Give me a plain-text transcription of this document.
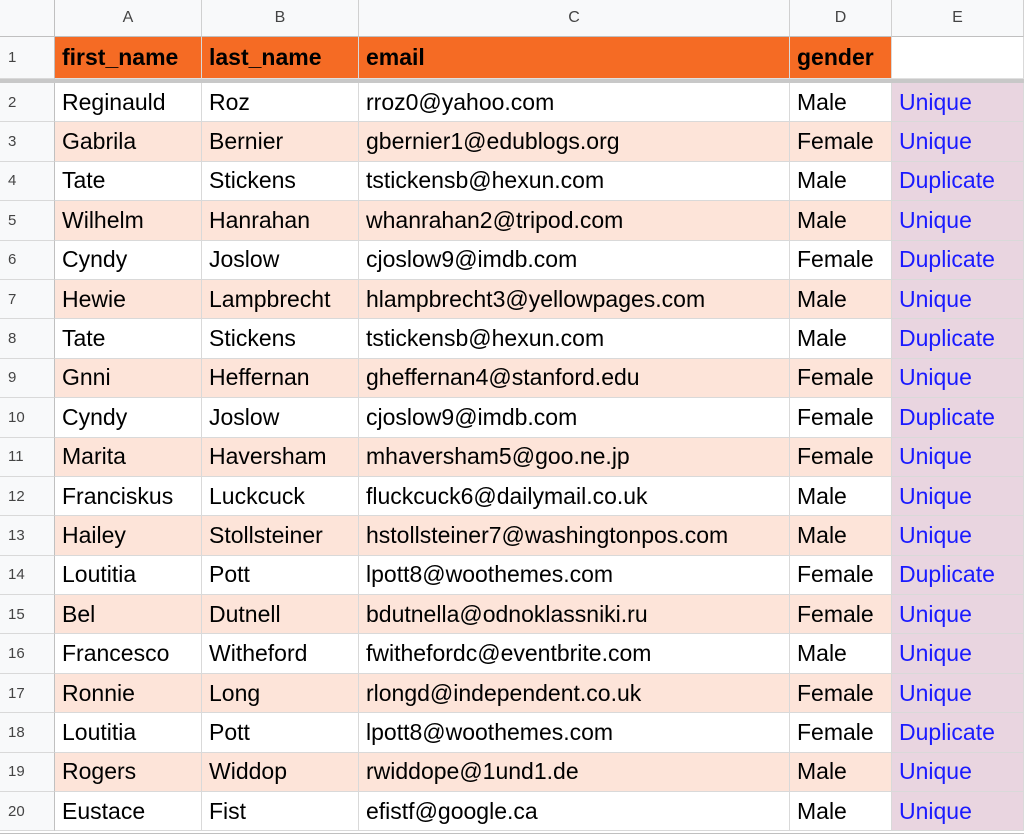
A	B	C	D	E
1	first_name	last_name	email	gender
2	Reginauld	Roz	rroz0@yahoo.com	Male	Unique
3	Gabrila	Bernier	gbernier1@edublogs.org	Female	Unique
4	Tate	Stickens	tstickensb@hexun.com	Male	Duplicate
5	Wilhelm	Hanrahan	whanrahan2@tripod.com	Male	Unique
6	Cyndy	Joslow	cjoslow9@imdb.com	Female	Duplicate
7	Hewie	Lampbrecht	hlampbrecht3@yellowpages.com	Male	Unique
8	Tate	Stickens	tstickensb@hexun.com	Male	Duplicate
9	Gnni	Heffernan	gheffernan4@stanford.edu	Female	Unique
10	Cyndy	Joslow	cjoslow9@imdb.com	Female	Duplicate
11	Marita	Haversham	mhaversham5@goo.ne.jp	Female	Unique
12	Franciskus	Luckcuck	fluckcuck6@dailymail.co.uk	Male	Unique
13	Hailey	Stollsteiner	hstollsteiner7@washingtonpos.com	Male	Unique
14	Loutitia	Pott	lpott8@woothemes.com	Female	Duplicate
15	Bel	Dutnell	bdutnella@odnoklassniki.ru	Female	Unique
16	Francesco	Witheford	fwithefordc@eventbrite.com	Male	Unique
17	Ronnie	Long	rlongd@independent.co.uk	Female	Unique
18	Loutitia	Pott	lpott8@woothemes.com	Female	Duplicate
19	Rogers	Widdop	rwiddope@1und1.de	Male	Unique
20	Eustace	Fist	efistf@google.ca	Male	Unique
